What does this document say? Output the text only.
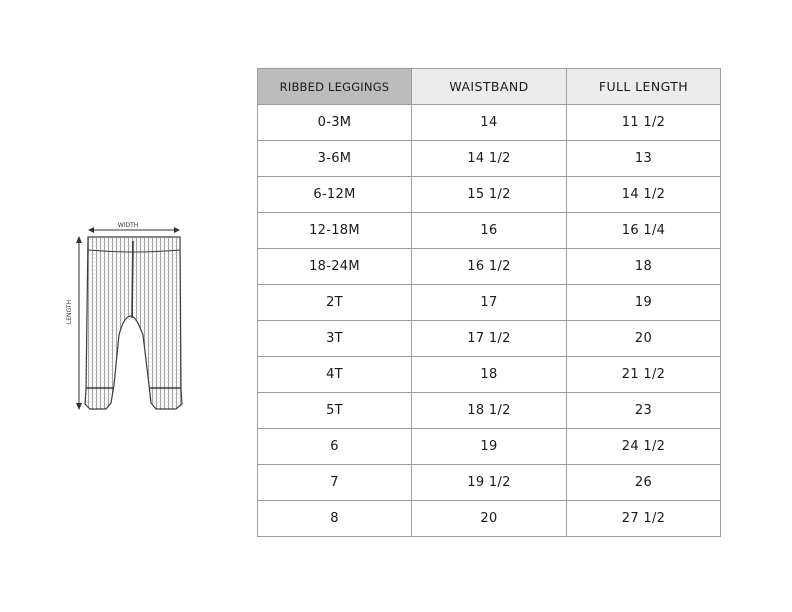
WIDTH
LENGTH
RIBBED LEGGINGS	WAISTBAND	FULL LENGTH
0-3M	14	11 1/2
3-6M	14 1/2	13
6-12M	15 1/2	14 1/2
12-18M	16	16 1/4
18-24M	16 1/2	18
2T	17	19
3T	17 1/2	20
4T	18	21 1/2
5T	18 1/2	23
6	19	24 1/2
7	19 1/2	26
8	20	27 1/2
